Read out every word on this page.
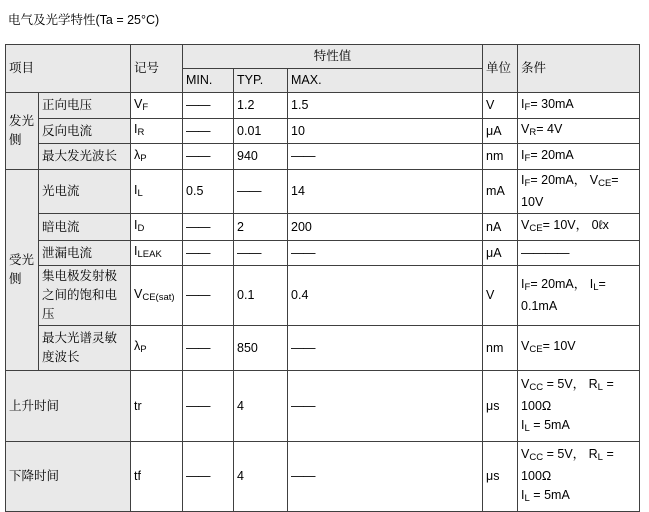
电气及光学特性(Ta = 25°C)
项目		记号	特性值			单位	条件
			MIN.	TYP.	MAX.		
发光侧	正向电压	$V_F$	——	1.2	1.5	V	$I_F= 30mA$
	反向电流	$I_R$	——	0.01	10	μA	$V_R= 4V$
	最大发光波长	$\lambda_P$	——	940	——	nm	$I_F= 20mA$
受光侧	光电流	$I_L$	0.5	——	14	mA	$I_F= 20mA$， $V_{CE}=$
10V
	暗电流	$I_D$	——	2	200	nA	$V_{CE}= 10V$， 0ℓx
	泄漏电流	$I_{LEAK}$	——	——	——	μA	————
	集电极发射极之间的饱和电压	$V_{CE(sat)}$	——	0.1	0.4	V	$I_F= 20mA$， $I_L=$
0.1mA
	最大光谱灵敏度波长	$\lambda_P$	——	850	——	nm	$V_{CE}= 10V$
上升时间		tr	——	4	——	μs	$V_{CC} = 5V$， $R_L$ =
100Ω
$I_L = 5mA$
下降时间		tf	——	4	——	μs	$V_{CC} = 5V$， $R_L$ =
100Ω
$I_L = 5mA$
